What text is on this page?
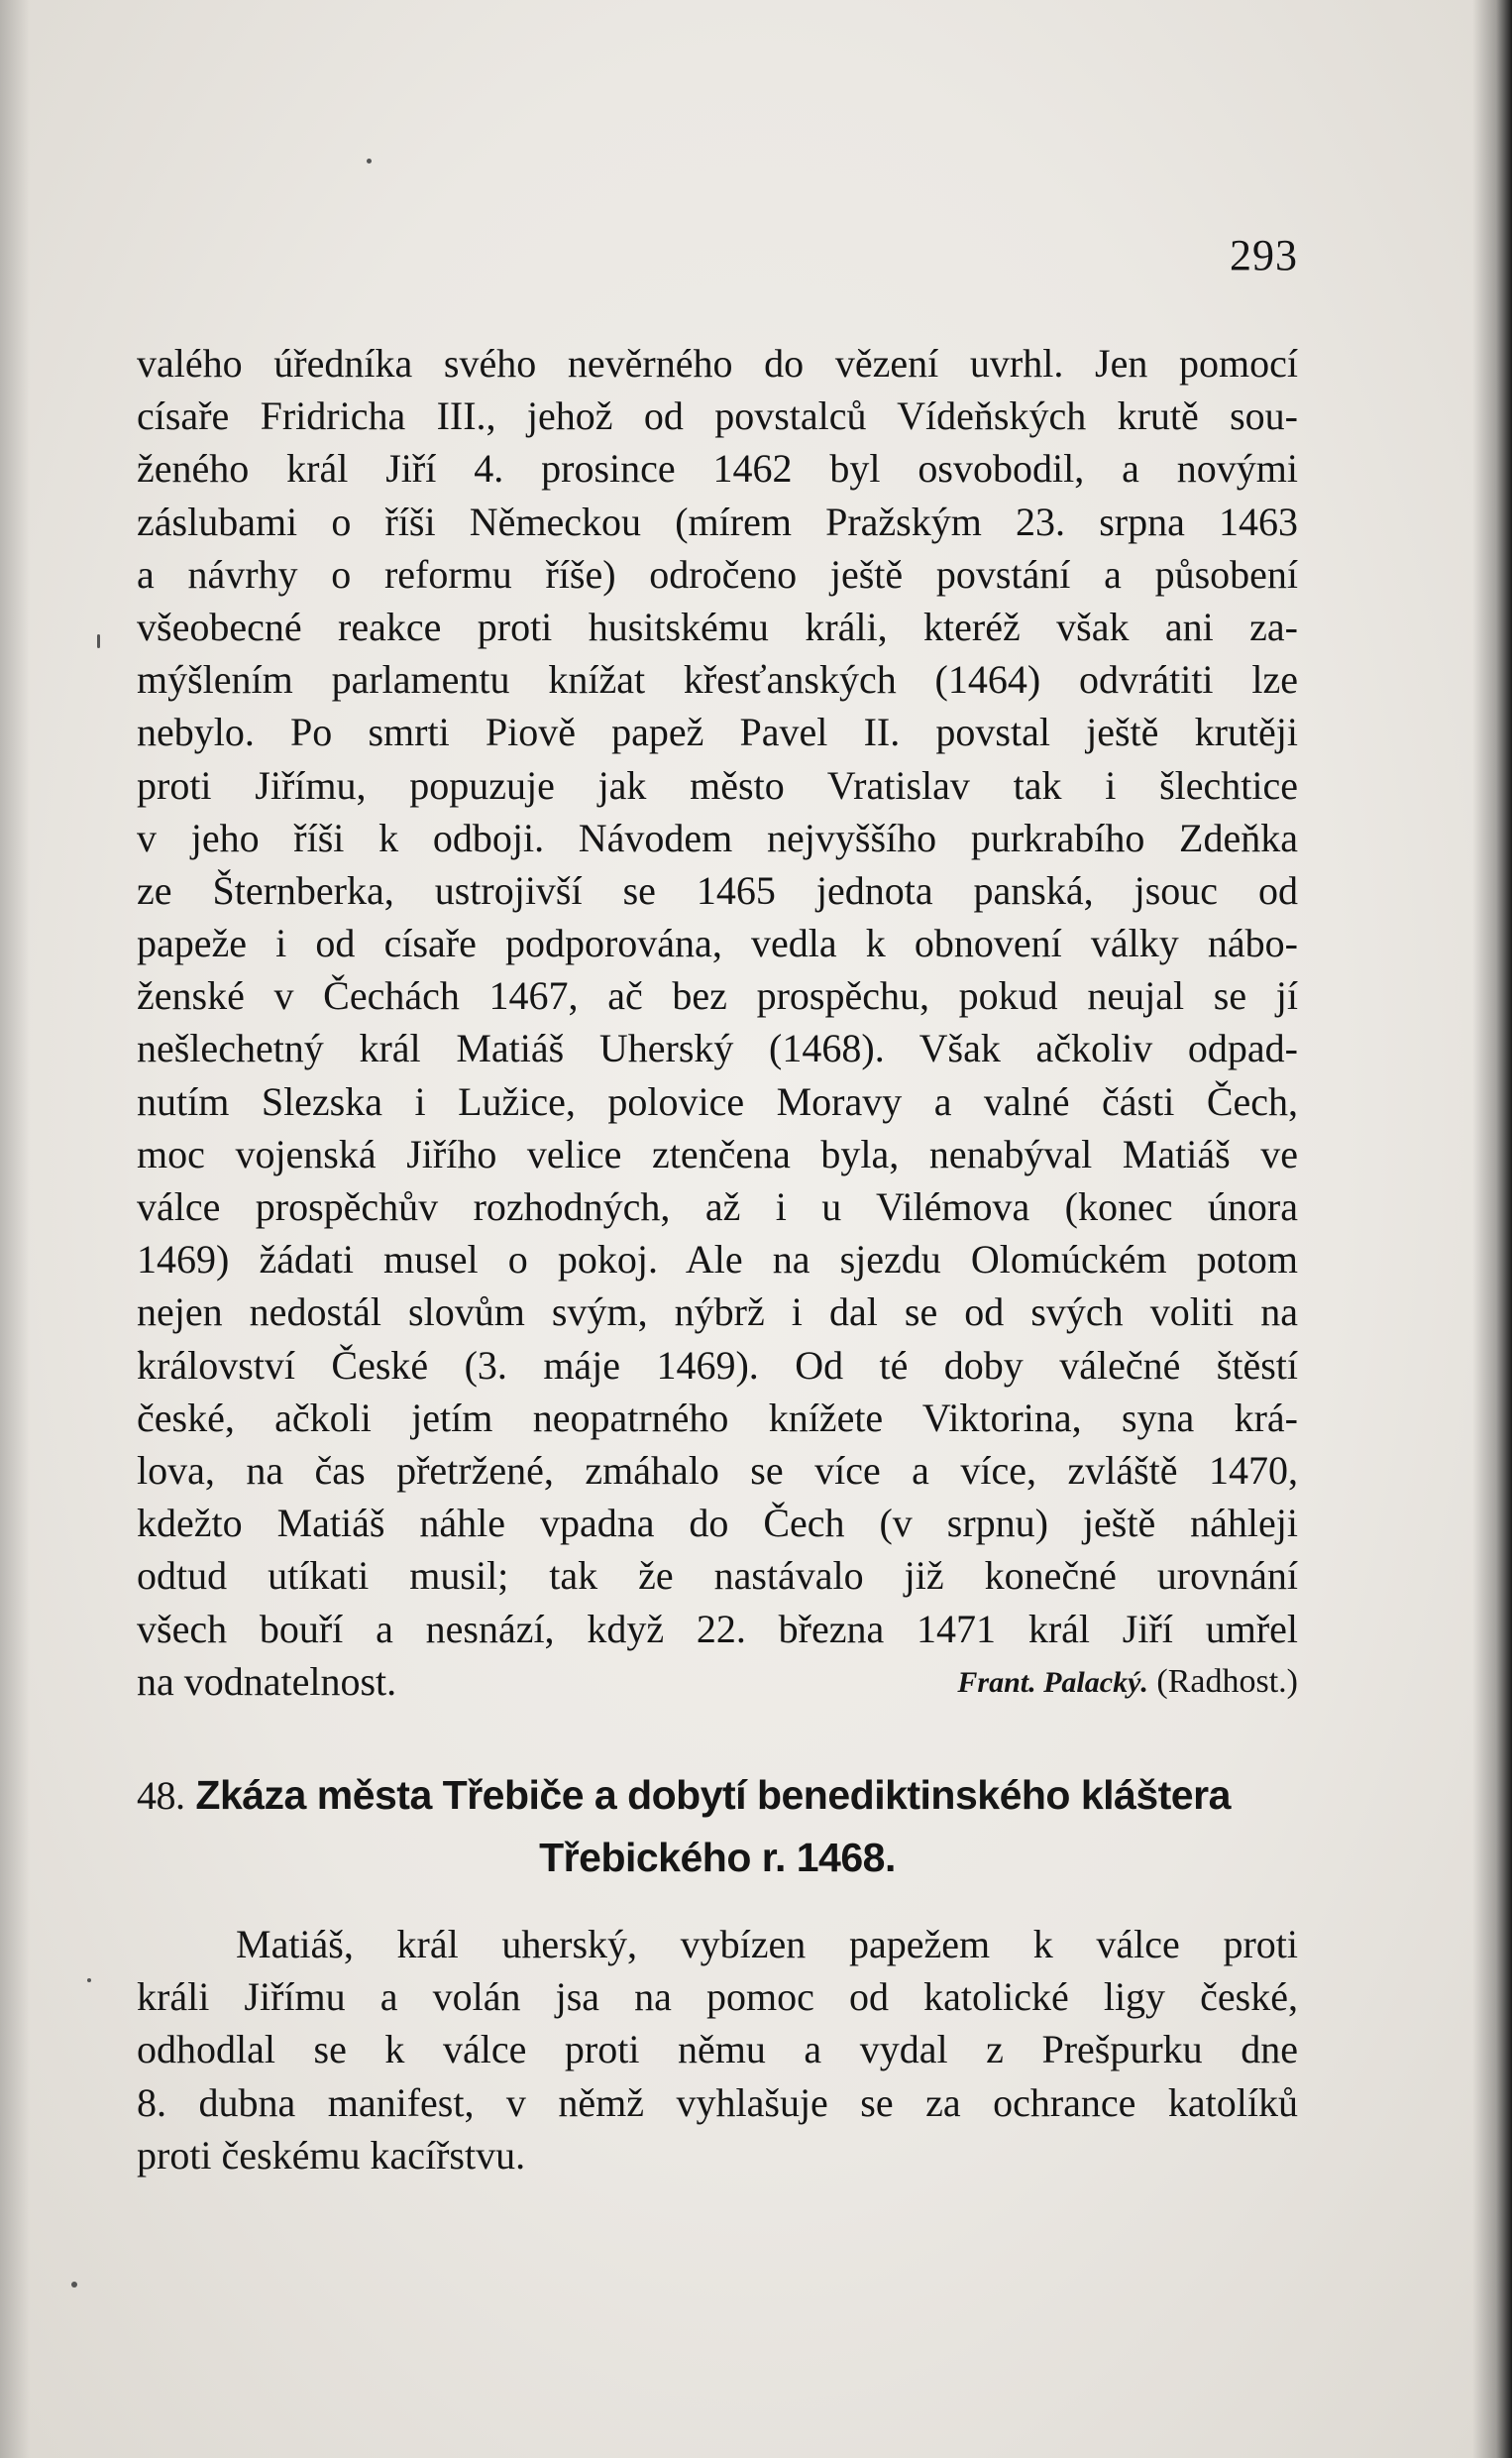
293
valého úředníka svého nevěrného do vězení uvrhl. Jen pomocí
císaře Fridricha III., jehož od povstalců Vídeňských krutě sou-
ženého král Jiří 4. prosince 1462 byl osvobodil, a novými
záslubami o říši Německou (mírem Pražským 23. srpna 1463
a návrhy o reformu říše) odročeno ještě povstání a působení
všeobecné reakce proti husitskému králi, kteréž však ani za-
mýšlením parlamentu knížat křesťanských (1464) odvrátiti lze
nebylo. Po smrti Piově papež Pavel II. povstal ještě krutěji
proti Jiřímu, popuzuje jak město Vratislav tak i šlechtice
v jeho říši k odboji. Návodem nejvyššího purkrabího Zdeňka
ze Šternberka, ustrojivší se 1465 jednota panská, jsouc od
papeže i od císaře podporována, vedla k obnovení války nábo-
ženské v Čechách 1467, ač bez prospěchu, pokud neujal se jí
nešlechetný král Matiáš Uherský (1468). Však ačkoliv odpad-
nutím Slezska i Lužice, polovice Moravy a valné části Čech,
moc vojenská Jiřího velice ztenčena byla, nenabýval Matiáš ve
válce prospěchův rozhodných, až i u Vilémova (konec února
1469) žádati musel o pokoj. Ale na sjezdu Olomúckém potom
nejen nedostál slovům svým, nýbrž i dal se od svých voliti na
království České (3. máje 1469). Od té doby válečné štěstí
české, ačkoli jetím neopatrného knížete Viktorina, syna krá-
lova, na čas přetržené, zmáhalo se více a více, zvláště 1470,
kdežto Matiáš náhle vpadna do Čech (v srpnu) ještě náhleji
odtud utíkati musil; tak že nastávalo již konečné urovnání
všech bouří a nesnází, když 22. března 1471 král Jiří umřel
na vodnatelnost.	Frant. Palacký. (Radhost.)
48. Zkáza města Třebiče a dobytí benediktinského kláštera
Třebického r. 1468.
Matiáš, král uherský, vybízen papežem k válce proti
králi Jiřímu a volán jsa na pomoc od katolické ligy české,
odhodlal se k válce proti němu a vydal z Prešpurku dne
8. dubna manifest, v němž vyhlašuje se za ochrance katolíků
proti českému kacířstvu.
